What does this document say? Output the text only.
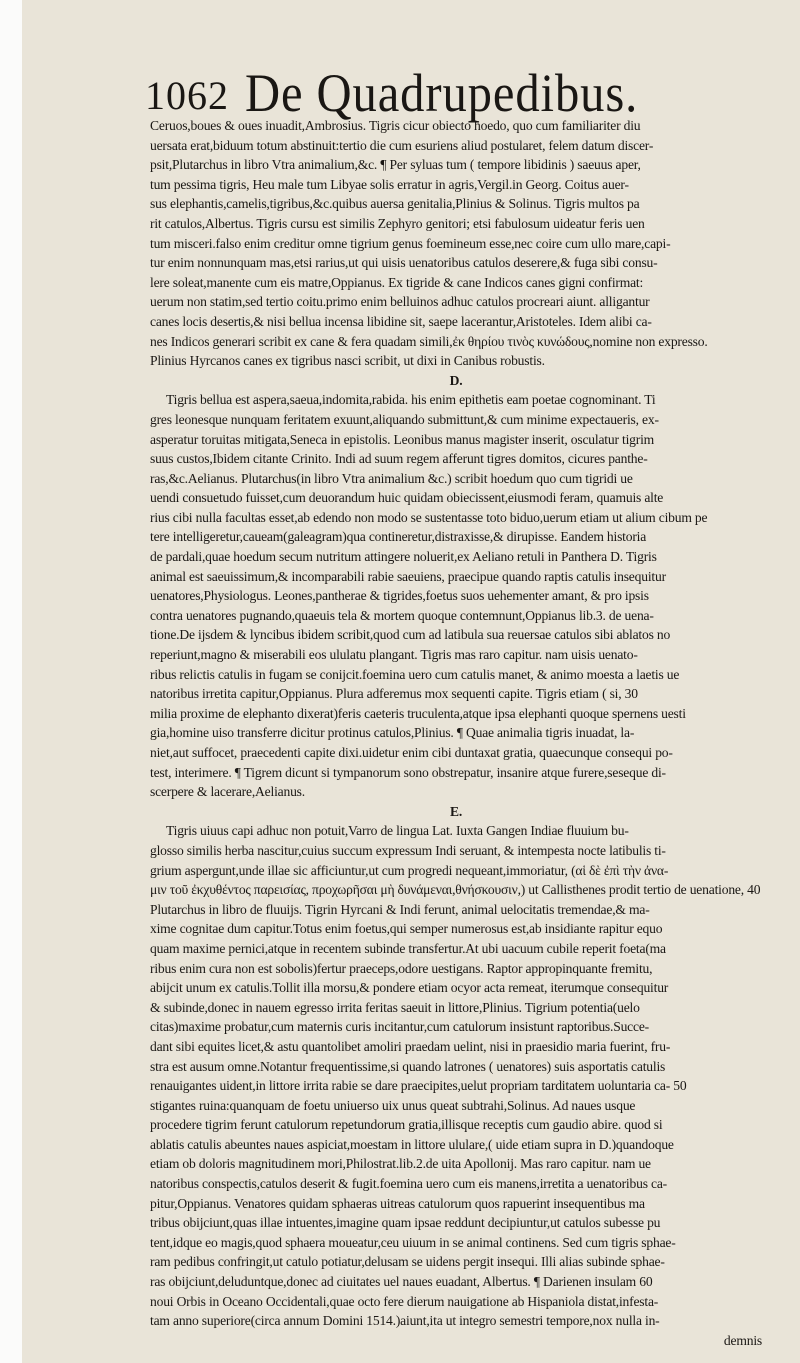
1062 De Quadrupedibus.
Ceruos,boues & oues inuadit,Ambrosius. Tigris cicur obiecto hoedo, quo cum familiariter diu
uersata erat,biduum totum abstinuit:tertio die cum esuriens aliud postularet, felem datum discer-
psit,Plutarchus in libro Vtra animalium,&c. ¶ Per syluas tum ( tempore libidinis ) saeuus aper,
tum pessima tigris, Heu male tum Libyae solis erratur in agris,Vergil.in Georg. Coitus auer-
sus elephantis,camelis,tigribus,&c.quibus auersa genitalia,Plinius & Solinus. Tigris multos pa
rit catulos,Albertus. Tigris cursu est similis Zephyro genitori; etsi fabulosum uideatur feris uen
tum misceri.falso enim creditur omne tigrium genus foemineum esse,nec coire cum ullo mare,capi-
tur enim nonnunquam mas,etsi rarius,ut qui uisis uenatoribus catulos deserere,& fuga sibi consu-
lere soleat,manente cum eis matre,Oppianus. Ex tigride & cane Indicos canes gigni confirmat:
uerum non statim,sed tertio coitu.primo enim belluinos adhuc catulos procreari aiunt. alligantur
canes locis desertis,& nisi bellua incensa libidine sit, saepe lacerantur,Aristoteles. Idem alibi ca-
nes Indicos generari scribit ex cane & fera quadam simili,ἐκ θηρίου τινὸς κυνώδους,nomine non expresso.
Plinius Hyrcanos canes ex tigribus nasci scribit, ut dixi in Canibus robustis.
D.
Tigris bellua est aspera,saeua,indomita,rabida. his enim epithetis eam poetae cognominant. Ti
gres leonesque nunquam feritatem exuunt,aliquando submittunt,& cum minime expectaueris, ex-
asperatur toruitas mitigata,Seneca in epistolis. Leonibus manus magister inserit, osculatur tigrim
suus custos,Ibidem citante Crinito. Indi ad suum regem afferunt tigres domitos, cicures panthe-
ras,&c.Aelianus. Plutarchus(in libro Vtra animalium &c.) scribit hoedum quo cum tigridi ue
uendi consuetudo fuisset,cum deuorandum huic quidam obiecissent,eiusmodi feram, quamuis alte
rius cibi nulla facultas esset,ab edendo non modo se sustentasse toto biduo,uerum etiam ut alium cibum pe
tere intelligeretur,caueam(galeagram)qua contineretur,distraxisse,& dirupisse. Eandem historia
de pardali,quae hoedum secum nutritum attingere noluerit,ex Aeliano retuli in Panthera D. Tigris
animal est saeuissimum,& incomparabili rabie saeuiens, praecipue quando raptis catulis insequitur
uenatores,Physiologus. Leones,pantherae & tigrides,foetus suos uehementer amant, & pro ipsis
contra uenatores pugnando,quaeuis tela & mortem quoque contemnunt,Oppianus lib.3. de uena-
tione.De ijsdem & lyncibus ibidem scribit,quod cum ad latibula sua reuersae catulos sibi ablatos no
reperiunt,magno & miserabili eos ululatu plangant. Tigris mas raro capitur. nam uisis uenato-
ribus relictis catulis in fugam se conijcit.foemina uero cum catulis manet, & animo moesta a laetis ue
natoribus irretita capitur,Oppianus. Plura adferemus mox sequenti capite. Tigris etiam ( si, 30
milia proxime de elephanto dixerat)feris caeteris truculenta,atque ipsa elephanti quoque spernens uesti
gia,homine uiso transferre dicitur protinus catulos,Plinius. ¶ Quae animalia tigris inuadat, la-
niet,aut suffocet, praecedenti capite dixi.uidetur enim cibi duntaxat gratia, quaecunque consequi po-
test, interimere. ¶ Tigrem dicunt si tympanorum sono obstrepatur, insanire atque furere,seseque di-
scerpere & lacerare,Aelianus.
E.
Tigris uiuus capi adhuc non potuit,Varro de lingua Lat. Iuxta Gangen Indiae fluuium bu-
glosso similis herba nascitur,cuius succum expressum Indi seruant, & intempesta nocte latibulis ti-
grium aspergunt,unde illae sic afficiuntur,ut cum progredi nequeant,immoriatur, (αἱ δὲ ἐπὶ τὴν ἀνα-
μιν τοῦ ἐκχυθέντος παρεισίας, προχωρῆσαι μὴ δυνάμεναι,θνήσκουσιν,) ut Callisthenes prodit tertio de uenatione, 40
Plutarchus in libro de fluuijs. Tigrin Hyrcani & Indi ferunt, animal uelocitatis tremendae,& ma-
xime cognitae dum capitur.Totus enim foetus,qui semper numerosus est,ab insidiante rapitur equo
quam maxime pernici,atque in recentem subinde transfertur.At ubi uacuum cubile reperit foeta(ma
ribus enim cura non est sobolis)fertur praeceps,odore uestigans. Raptor appropinquante fremitu,
abijcit unum ex catulis.Tollit illa morsu,& pondere etiam ocyor acta remeat, iterumque consequitur
& subinde,donec in nauem egresso irrita feritas saeuit in littore,Plinius. Tigrium potentia(uelo
citas)maxime probatur,cum maternis curis incitantur,cum catulorum insistunt raptoribus.Succe-
dant sibi equites licet,& astu quantolibet amoliri praedam uelint, nisi in praesidio maria fuerint, fru-
stra est ausum omne.Notantur frequentissime,si quando latrones ( uenatores) suis asportatis catulis
renauigantes uident,in littore irrita rabie se dare praecipites,uelut propriam tarditatem uoluntaria ca- 50
stigantes ruina:quanquam de foetu uniuerso uix unus queat subtrahi,Solinus. Ad naues usque
procedere tigrim ferunt catulorum repetundorum gratia,illisque receptis cum gaudio abire. quod si
ablatis catulis abeuntes naues aspiciat,moestam in littore ululare,( uide etiam supra in D.)quandoque
etiam ob doloris magnitudinem mori,Philostrat.lib.2.de uita Apollonij. Mas raro capitur. nam ue
natoribus conspectis,catulos deserit & fugit.foemina uero cum eis manens,irretita a uenatoribus ca-
pitur,Oppianus. Venatores quidam sphaeras uitreas catulorum quos rapuerint insequentibus ma
tribus obijciunt,quas illae intuentes,imagine quam ipsae reddunt decipiuntur,ut catulos subesse pu
tent,idque eo magis,quod sphaera moueatur,ceu uiuum in se animal continens. Sed cum tigris sphae-
ram pedibus confringit,ut catulo potiatur,delusam se uidens pergit insequi. Illi alias subinde sphae-
ras obijciunt,deluduntque,donec ad ciuitates uel naues euadant, Albertus. ¶ Darienen insulam 60
noui Orbis in Oceano Occidentali,quae octo fere dierum nauigatione ab Hispaniola distat,infesta-
tam anno superiore(circa annum Domini 1514.)aiunt,ita ut integro semestri tempore,nox nulla in-
demnis
